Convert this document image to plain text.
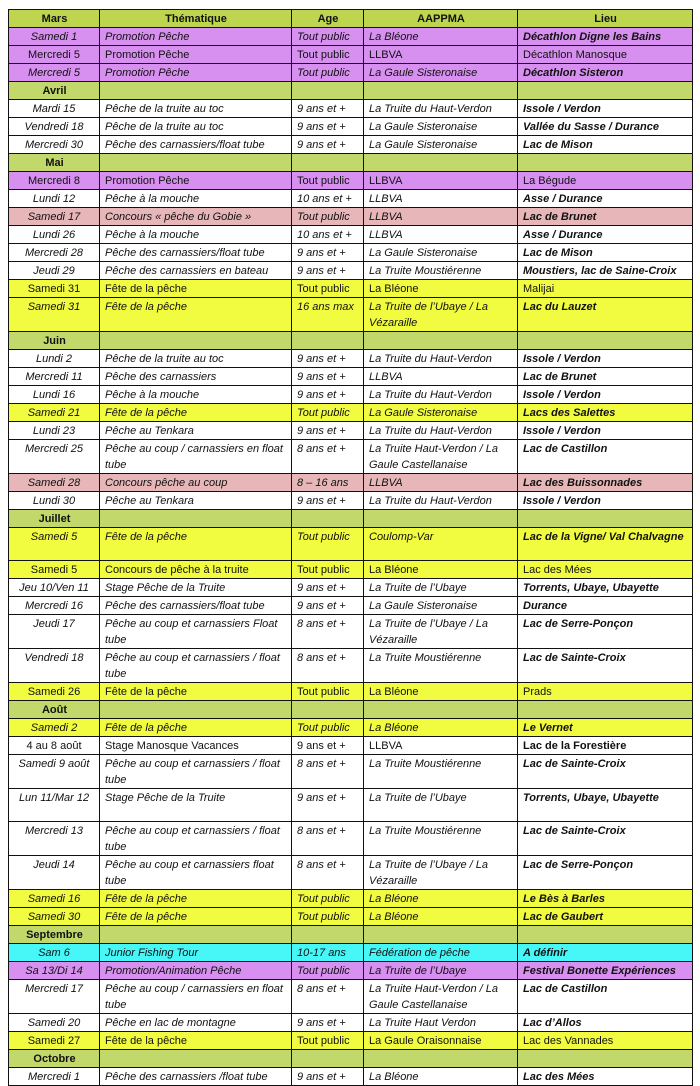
Mars	Thématique	Age	AAPPMA	Lieu
Samedi 1	Promotion Pêche	Tout public	La Bléone	Décathlon Digne les Bains
Mercredi 5	Promotion Pêche	Tout public	LLBVA	Décathlon Manosque
Mercredi 5	Promotion Pêche	Tout public	La Gaule Sisteronaise	Décathlon Sisteron
Avril				
Mardi 15	Pêche de la truite au toc	9 ans et +	La Truite du Haut-Verdon	Issole / Verdon
Vendredi 18	Pêche de la truite au toc	9 ans et +	La Gaule Sisteronaise	Vallée du Sasse / Durance
Mercredi 30	Pêche des carnassiers/float tube	9 ans et +	La Gaule Sisteronaise	Lac de Mison
Mai				
Mercredi 8	Promotion Pêche	Tout public	LLBVA	La Bégude
Lundi 12	Pêche à la mouche	10 ans et +	LLBVA	Asse / Durance
Samedi 17	Concours « pêche du Gobie »	Tout public	LLBVA	Lac de Brunet
Lundi 26	Pêche à la mouche	10 ans et +	LLBVA	Asse / Durance
Mercredi 28	Pêche des carnassiers/float tube	9 ans et +	La Gaule Sisteronaise	Lac de Mison
Jeudi 29	Pêche des carnassiers en bateau	9 ans et +	La Truite Moustiérenne	Moustiers, lac de Saine-Croix
Samedi 31	Fête de la pêche	Tout public	La Bléone	Malijai
Samedi 31	Fête de la pêche	16 ans max	La Truite de l’Ubaye / La Vézaraille	Lac du Lauzet
Juin				
Lundi 2	Pêche de la truite au toc	9 ans et +	La Truite du Haut-Verdon	Issole / Verdon
Mercredi 11	Pêche des carnassiers	9 ans et +	LLBVA	Lac de Brunet
Lundi 16	Pêche à la mouche	9 ans et +	La Truite du Haut-Verdon	Issole / Verdon
Samedi 21	Fête de la pêche	Tout public	La Gaule Sisteronaise	Lacs des Salettes
Lundi 23	Pêche au Tenkara	9 ans et +	La Truite du Haut-Verdon	Issole / Verdon
Mercredi 25	Pêche au coup / carnassiers en float tube	8 ans et +	La Truite Haut-Verdon / La Gaule Castellanaise	Lac de Castillon
Samedi 28	Concours pêche au coup	8 – 16 ans	LLBVA	Lac des Buissonnades
Lundi 30	Pêche au Tenkara	9 ans et +	La Truite du Haut-Verdon	Issole / Verdon
Juillet				
Samedi 5	Fête de la pêche	Tout public	Coulomp-Var	Lac de la Vigne/ Val Chalvagne
Samedi 5	Concours de pêche à la truite	Tout public	La Bléone	Lac des Mées
Jeu 10/Ven 11	Stage Pêche de la Truite	9 ans et +	La Truite de l’Ubaye	Torrents, Ubaye, Ubayette
Mercredi 16	Pêche des carnassiers/float tube	9 ans et +	La Gaule Sisteronaise	Durance
Jeudi 17	Pêche au coup et carnassiers Float tube	8 ans et +	La Truite de l’Ubaye / La Vézaraille	Lac de Serre-Ponçon
Vendredi 18	Pêche au coup et carnassiers / float tube	8 ans et +	La Truite Moustiérenne	Lac de Sainte-Croix
Samedi 26	Fête de la pêche	Tout public	La Bléone	Prads
Août				
Samedi 2	Fête de la pêche	Tout public	La Bléone	Le Vernet
4 au 8 août	Stage Manosque Vacances	9 ans et +	LLBVA	Lac de la Forestière
Samedi 9 août	Pêche au coup et carnassiers / float tube	8 ans et +	La Truite Moustiérenne	Lac de Sainte-Croix
Lun 11/Mar 12	Stage Pêche de la Truite	9 ans et +	La Truite de l’Ubaye	Torrents, Ubaye, Ubayette
Mercredi 13	Pêche au coup et carnassiers / float tube	8 ans et +	La Truite Moustiérenne	Lac de Sainte-Croix
Jeudi 14	Pêche au coup et carnassiers float tube	8 ans et +	La Truite de l’Ubaye / La Vézaraille	Lac de Serre-Ponçon
Samedi 16	Fête de la pêche	Tout public	La Bléone	Le Bès à Barles
Samedi 30	Fête de la pêche	Tout public	La Bléone	Lac de Gaubert
Septembre				
Sam 6	Junior Fishing Tour	10-17 ans	Fédération de pêche	A définir
Sa 13/Di 14	Promotion/Animation Pêche	Tout public	La Truite de l’Ubaye	Festival Bonette Expériences
Mercredi 17	Pêche au coup / carnassiers en float tube	8 ans et +	La Truite Haut-Verdon / La Gaule Castellanaise	Lac de Castillon
Samedi 20	Pêche en lac de montagne	9 ans et +	La Truite Haut Verdon	Lac d’Allos
Samedi 27	Fête de la pêche	Tout public	La Gaule Oraisonnaise	Lac des Vannades
Octobre				
Mercredi 1	Pêche des carnassiers /float tube	9 ans et +	La Bléone	Lac des Mées
